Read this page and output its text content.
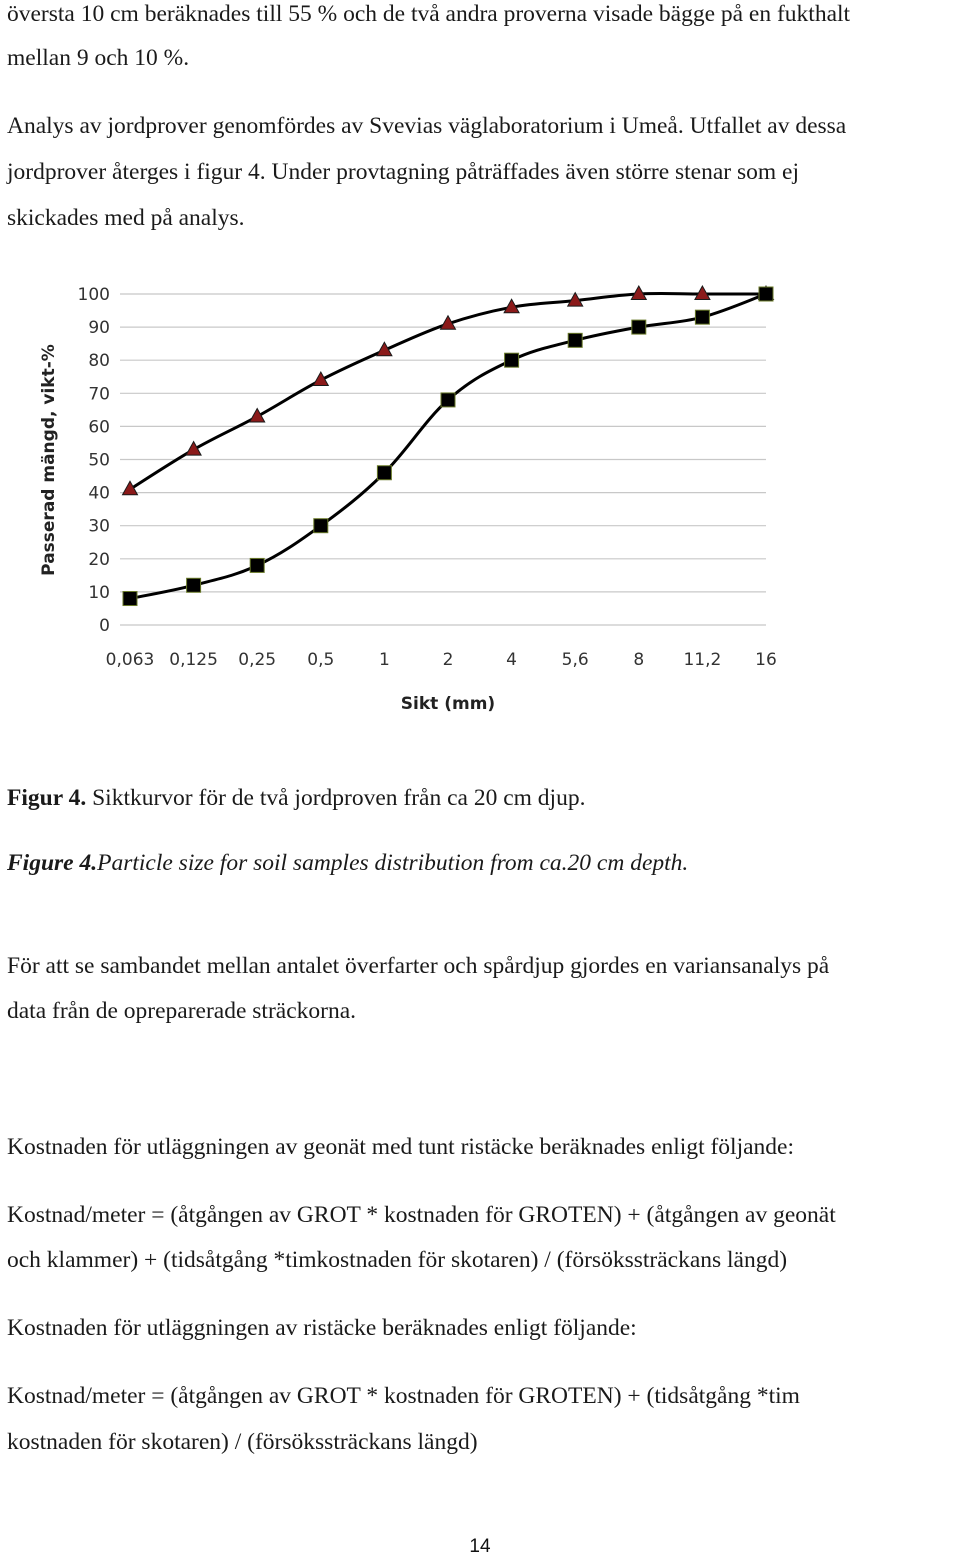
översta 10 cm beräknades till 55 % och de två andra proverna visade bägge på en fukthalt
mellan 9 och 10 %.
Analys av jordprover genomfördes av Svevias väglaboratorium i Umeå. Utfallet av dessa
jordprover återges i figur 4. Under provtagning påträffades även större stenar som ej
skickades med på analys.
0
10
20
30
40
50
60
70
80
90
100
0,063 0,125 0,25 0,5	1	2	4	5,6	8 11,2 16
Passerad mängd, vikt-%
Sikt (mm)
Figur 4. Siktkurvor för de två jordproven från ca 20 cm djup.
Figure 4.Particle size for soil samples distribution from ca.20 cm depth.
För att se sambandet mellan antalet överfarter och spårdjup gjordes en variansanalys på
data från de opreparerade sträckorna.
Kostnaden för utläggningen av geonät med tunt ristäcke beräknades enligt följande:
Kostnad/meter = (åtgången av GROT * kostnaden för GROTEN) + (åtgången av geonät
och klammer) + (tidsåtgång *timkostnaden för skotaren) / (försökssträckans längd)
Kostnaden för utläggningen av ristäcke beräknades enligt följande:
Kostnad/meter = (åtgången av GROT * kostnaden för GROTEN) + (tidsåtgång *tim
kostnaden för skotaren) / (försökssträckans längd)
14
